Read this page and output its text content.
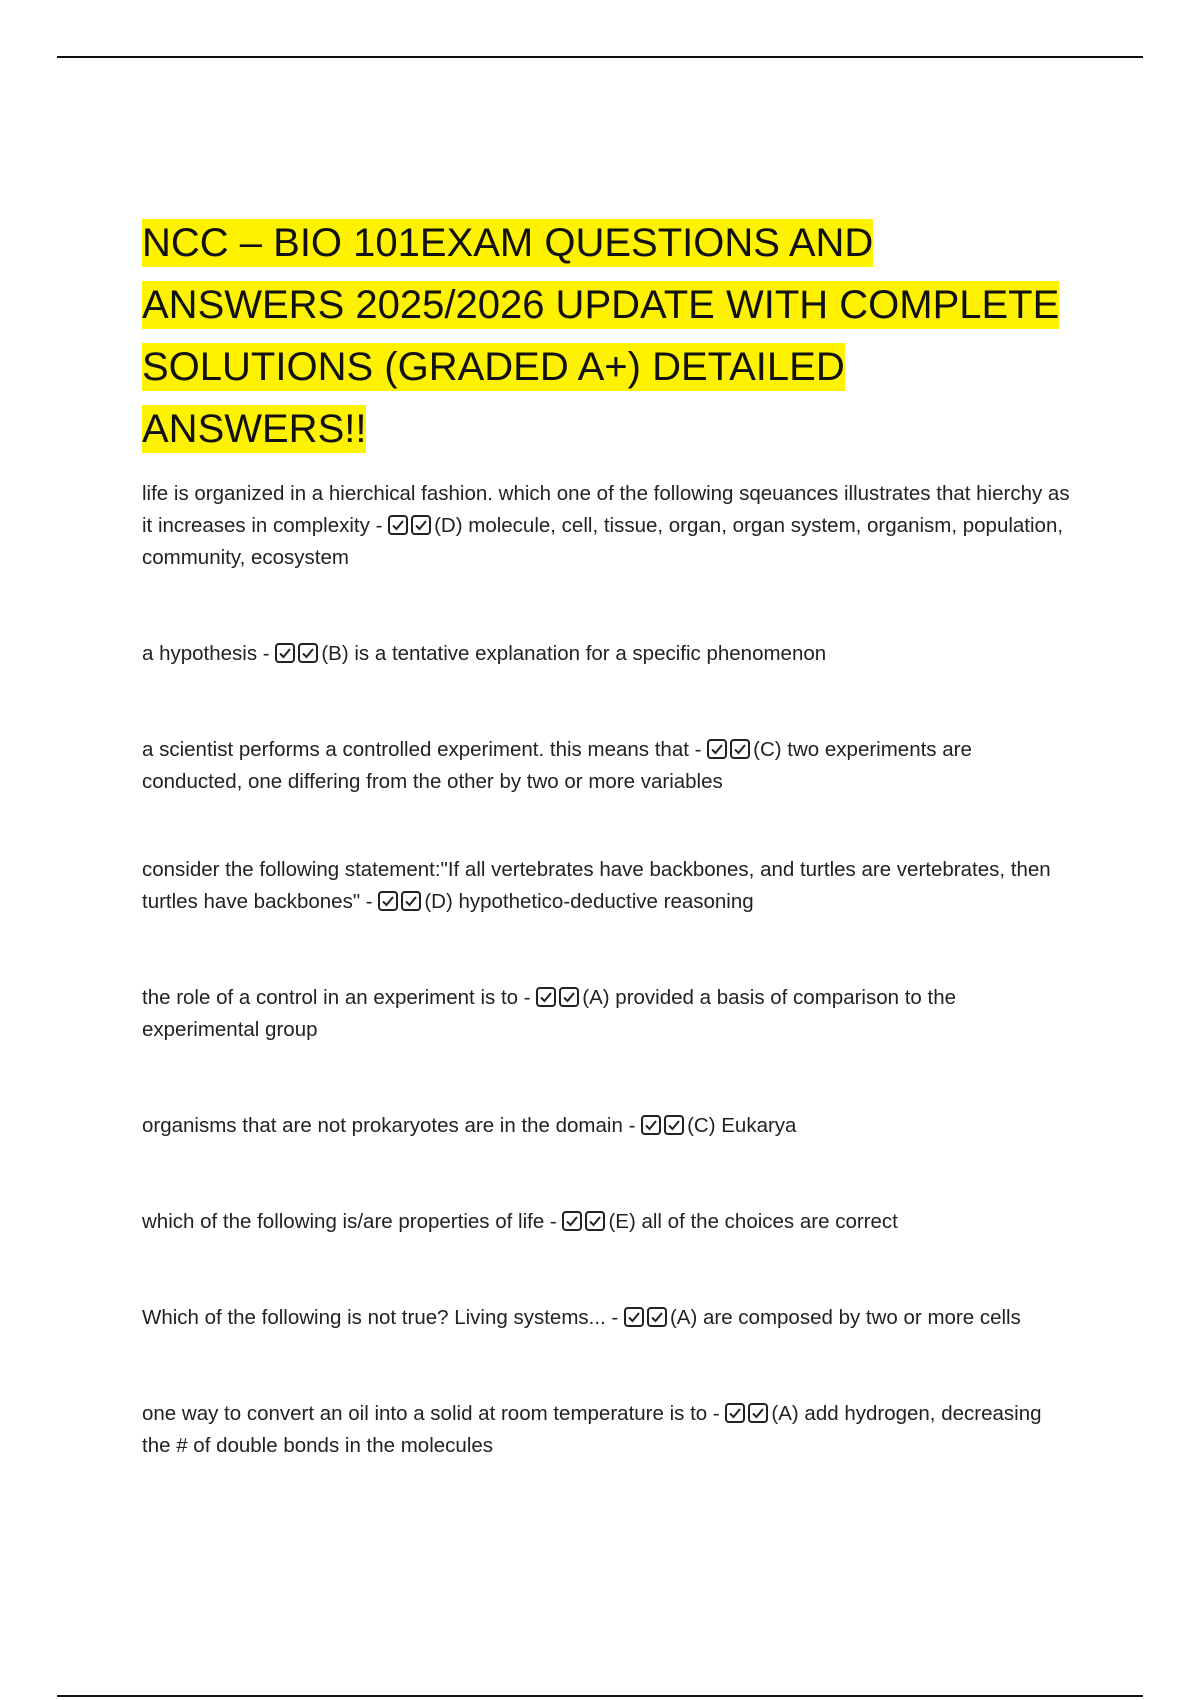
NCC – BIO 101EXAM QUESTIONS AND
ANSWERS 2025/2026 UPDATE WITH COMPLETE
SOLUTIONS (GRADED A+) DETAILED ANSWERS!!
life is organized in a hierchical fashion. which one of the following sqeuances illustrates that hierchy as it increases in complexity -
(D) molecule, cell, tissue, organ, organ system, organism, population, community, ecosystem
a hypothesis -
(B) is a tentative explanation for a specific phenomenon
a scientist performs a controlled experiment. this means that -
(C) two experiments are conducted, one differing from the other by two or more variables
consider the following statement:"If all vertebrates have backbones, and turtles are vertebrates, then turtles have backbones" -
(D) hypothetico-deductive reasoning
the role of a control in an experiment is to -
(A) provided a basis of comparison to the experimental group
organisms that are not prokaryotes are in the domain -
(C) Eukarya
which of the following is/are properties of life -
(E) all of the choices are correct
Which of the following is not true? Living systems... -
(A) are composed by two or more cells
one way to convert an oil into a solid at room temperature is to -
(A) add hydrogen, decreasing the # of double bonds in the molecules
